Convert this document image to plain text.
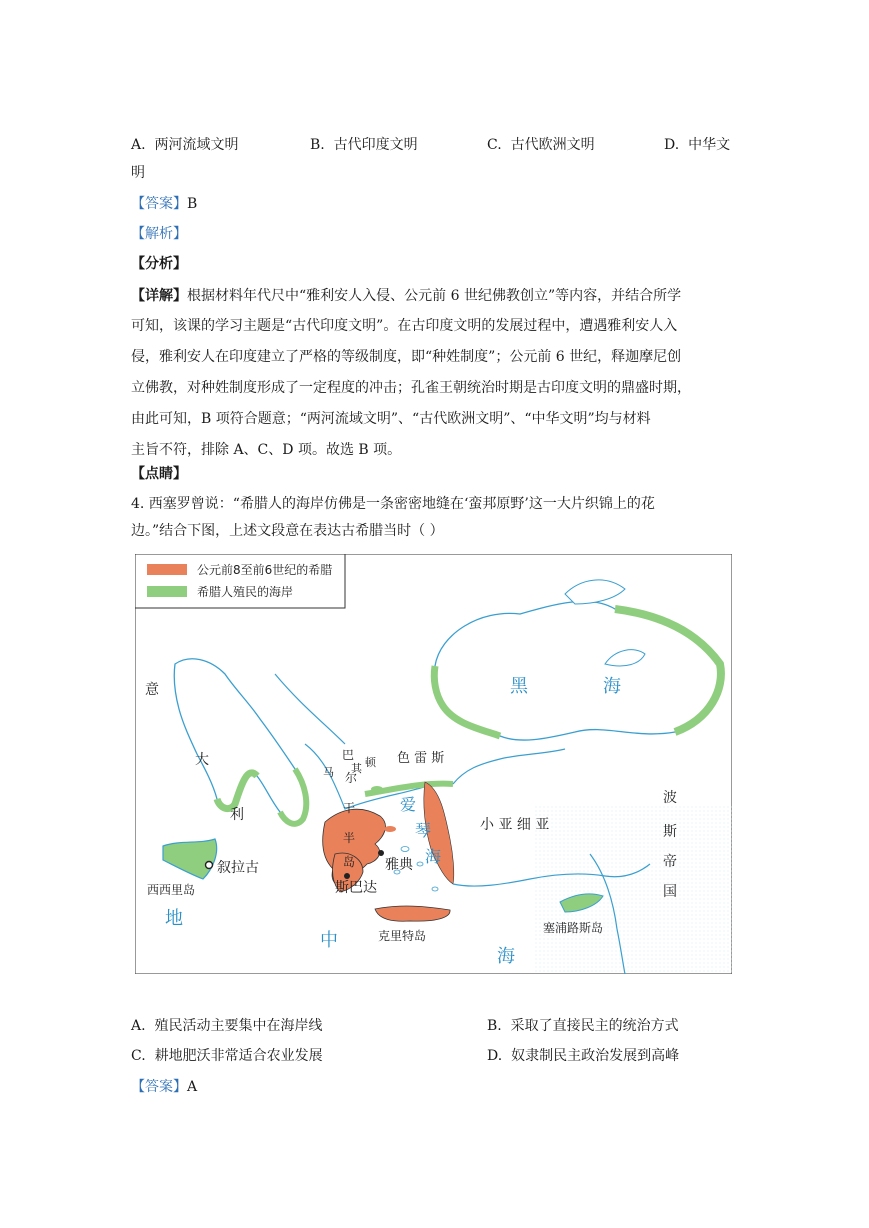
A. 两河流域文明	B. 古代印度文明	C. 古代欧洲文明	D. 中华文
明
【答案】B
【解析】
【分析】
【详解】根据材料年代尺中“雅利安人入侵、公元前 6 世纪佛教创立”等内容，并结合所学
可知，该课的学习主题是“古代印度文明”。在古印度文明的发展过程中，遭遇雅利安人入
侵，雅利安人在印度建立了严格的等级制度，即“种姓制度”；公元前 6 世纪，释迦摩尼创
立佛教，对种姓制度形成了一定程度的冲击；孔雀王朝统治时期是古印度文明的鼎盛时期，
由此可知，B 项符合题意；“两河流域文明”、“古代欧洲文明”、“中华文明”均与材料
主旨不符，排除 A、C、D 项。故选 B 项。
【点睛】
4. 西塞罗曾说：“希腊人的海岸仿佛是一条密密地缝在‘蛮邦原野’这一大片织锦上的花
边。”结合下图，上述文段意在表达古希腊当时（ ）
公元前8至前6世纪的希腊
希腊人殖民的海岸
意
大
利
叙拉古
西西里岛
地
中
海
黑	海
巴
尔
干
半
岛
马 其 顿 色 雷 斯
爱
琴
海
雅典
斯巴达
小 亚 细 亚
波
斯
帝
国
克里特岛
塞浦路斯岛
A. 殖民活动主要集中在海岸线	B. 采取了直接民主的统治方式
C. 耕地肥沃非常适合农业发展	D. 奴隶制民主政治发展到高峰
【答案】A
